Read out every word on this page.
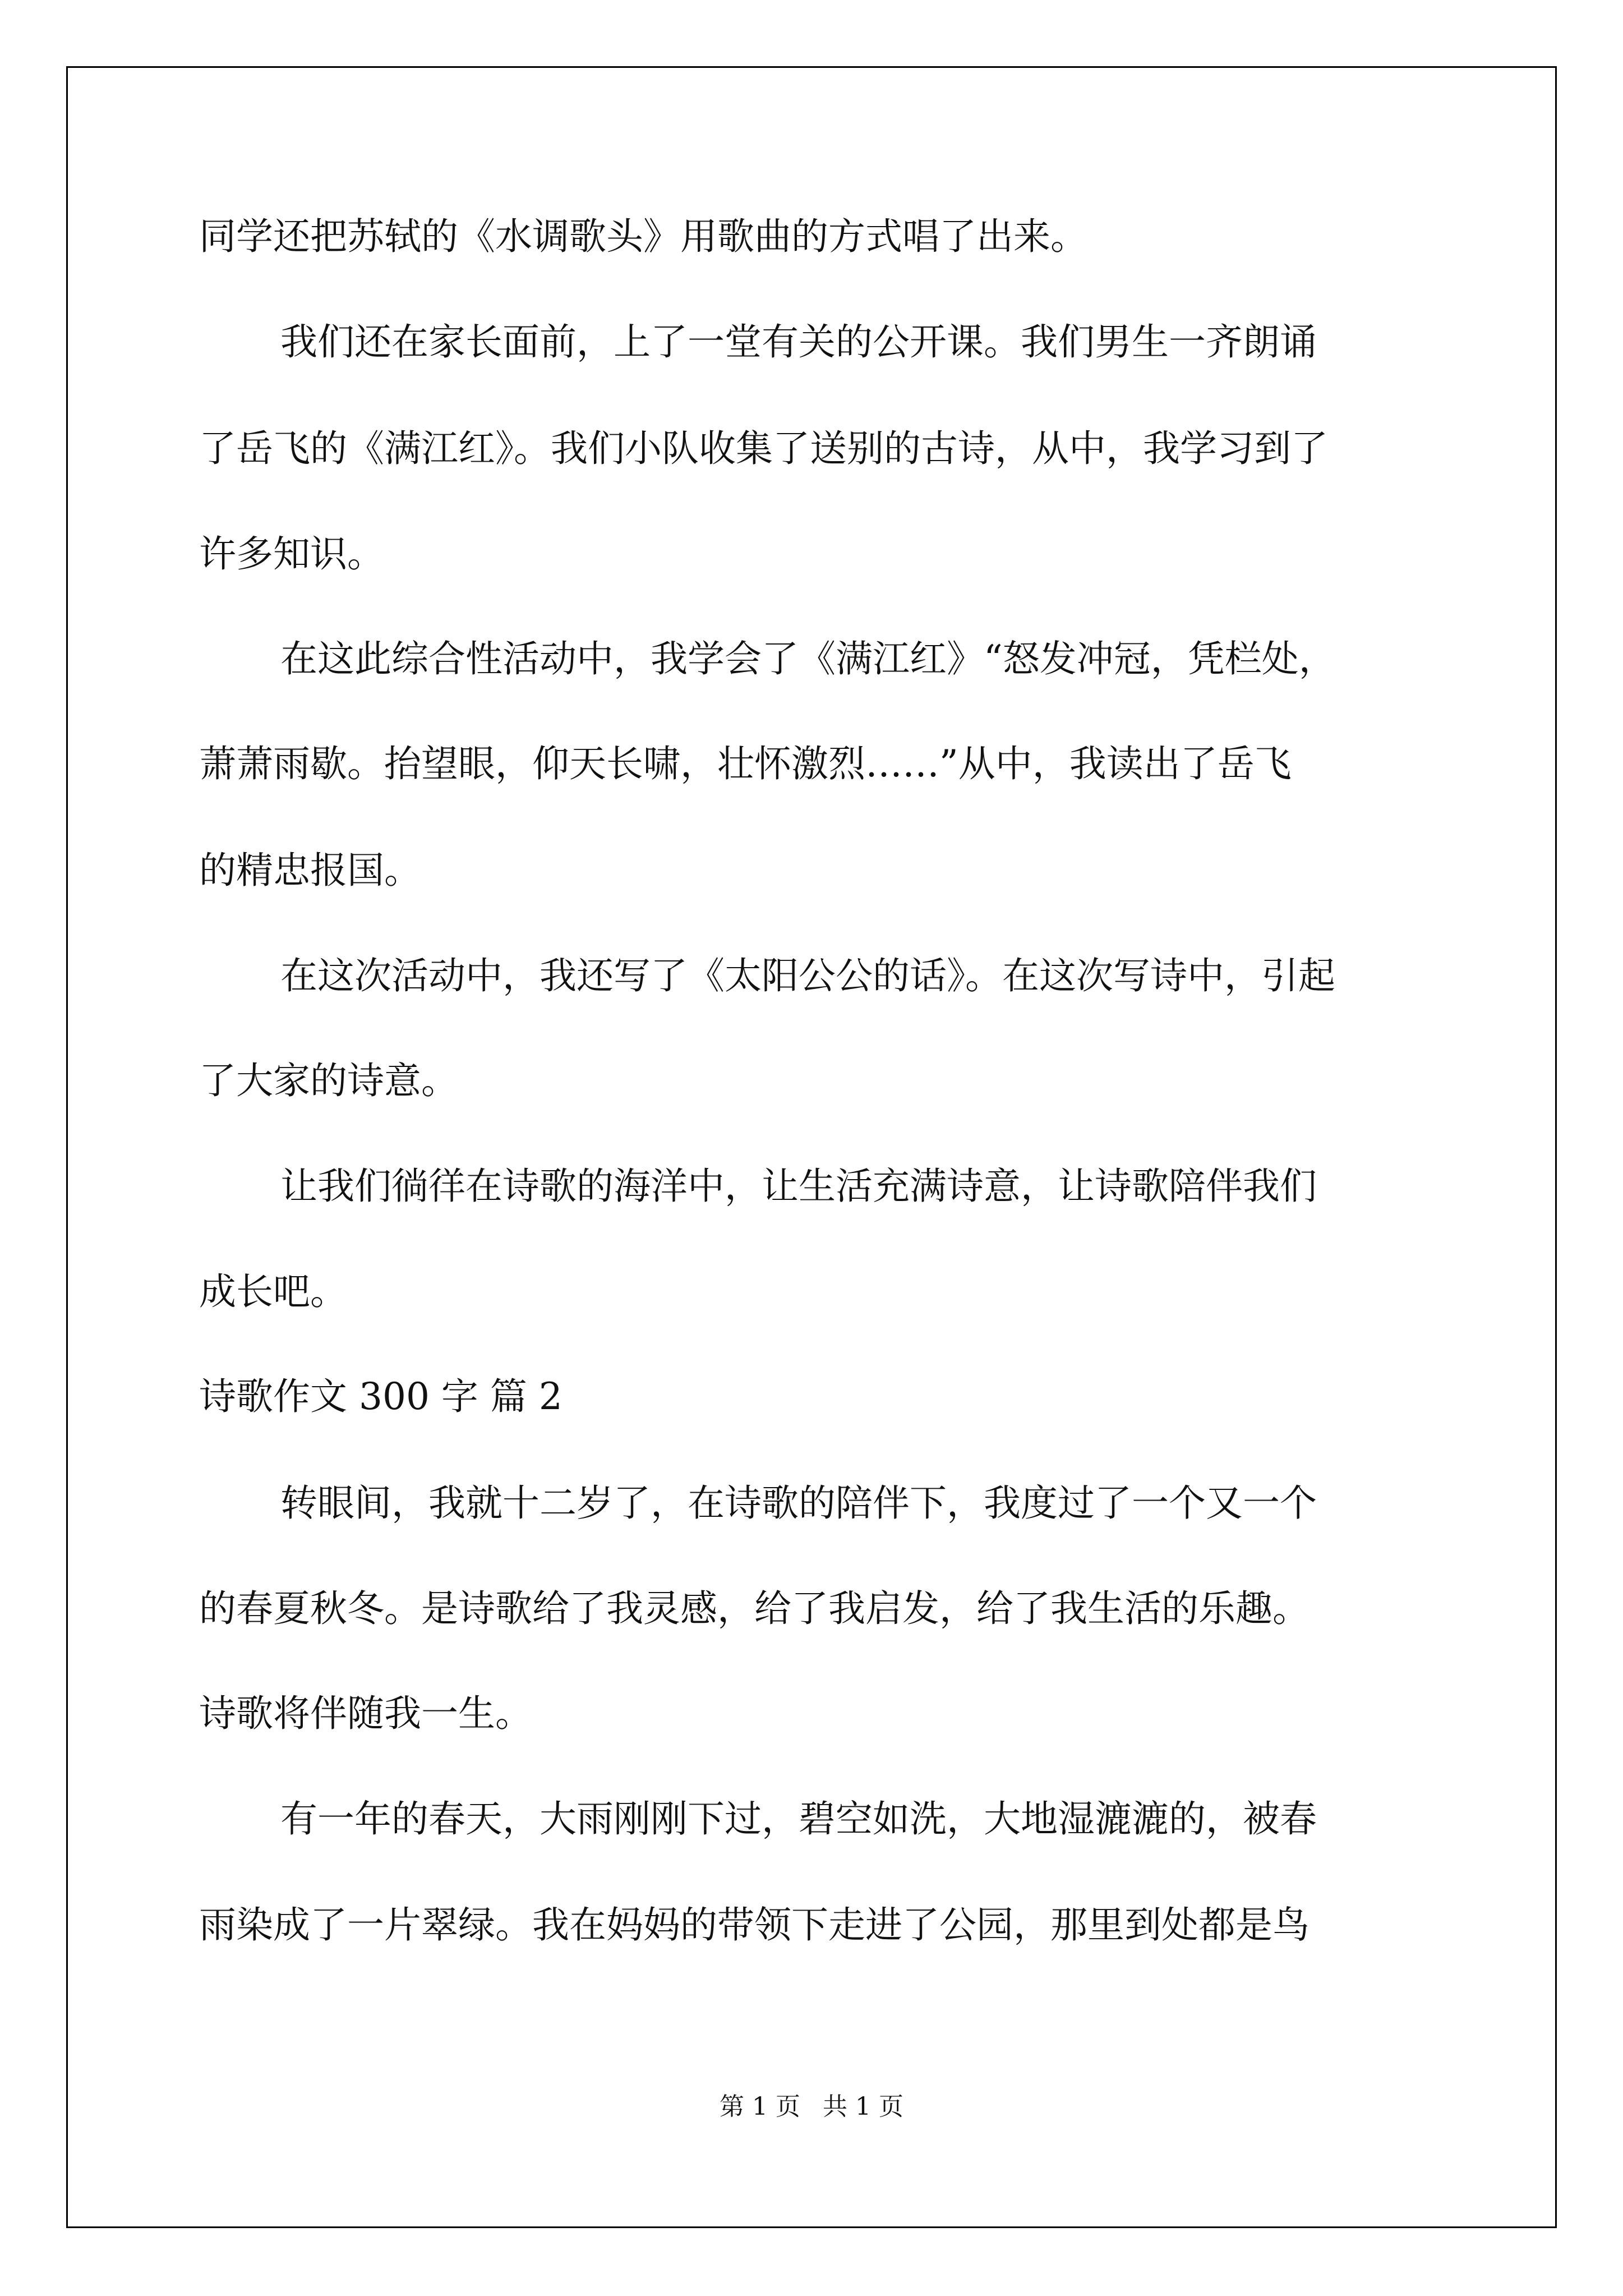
同学还把苏轼的《水调歌头》用歌曲的方式唱了出来。

我们还在家长面前，上了一堂有关的公开课。我们男生一齐朗诵

了岳飞的《满江红》。我们小队收集了送别的古诗，从中，我学习到了

许多知识。

在这此综合性活动中，我学会了《满江红》“怒发冲冠，凭栏处，

萧萧雨歇。抬望眼，仰天长啸，壮怀激烈……”从中，我读出了岳飞

的精忠报国。

在这次活动中，我还写了《太阳公公的话》。在这次写诗中，引起

了大家的诗意。

让我们徜徉在诗歌的海洋中，让生活充满诗意，让诗歌陪伴我们

成长吧。

诗歌作文 300 字 篇 2

转眼间，我就十二岁了，在诗歌的陪伴下，我度过了一个又一个

的春夏秋冬。是诗歌给了我灵感，给了我启发，给了我生活的乐趣。

诗歌将伴随我一生。

有一年的春天，大雨刚刚下过，碧空如洗，大地湿漉漉的，被春

雨染成了一片翠绿。我在妈妈的带领下走进了公园，那里到处都是鸟

第 1 页 共 1 页
